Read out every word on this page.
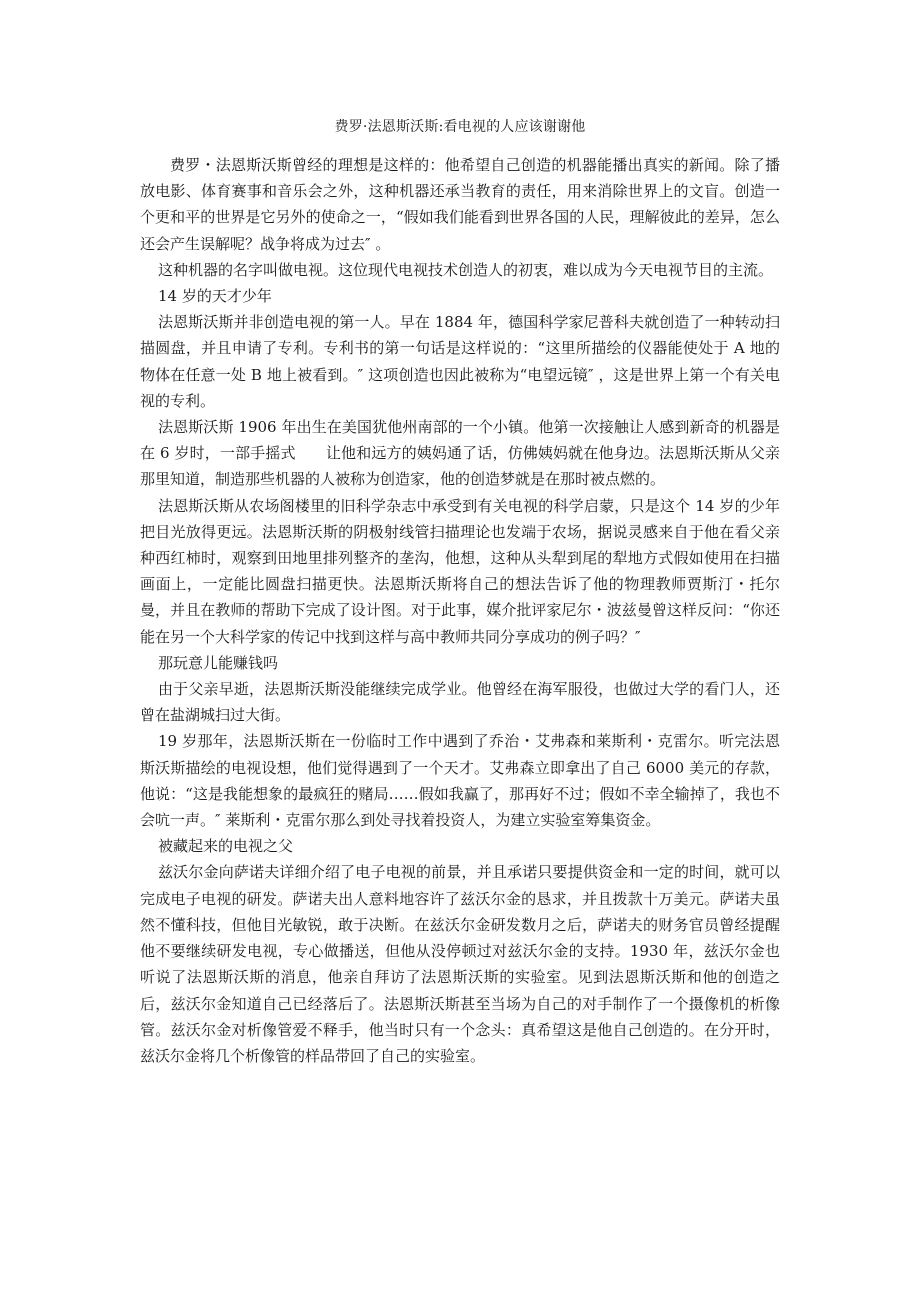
费罗·法恩斯沃斯:看电视的人应该谢谢他

费罗・法恩斯沃斯曾经的理想是这样的：他希望自己创造的机器能播出真实的新闻。除了播放电影、体育赛事和音乐会之外，这种机器还承当教育的责任，用来消除世界上的文盲。创造一个更和平的世界是它另外的使命之一，“假如我们能看到世界各国的人民，理解彼此的差异，怎么还会产生误解呢？战争将成为过去″ 。

这种机器的名字叫做电视。这位现代电视技术创造人的初衷，难以成为今天电视节目的主流。

14 岁的天才少年

法恩斯沃斯并非创造电视的第一人。早在 1884 年，德国科学家尼普科夫就创造了一种转动扫描圆盘，并且申请了专利。专利书的第一句话是这样说的：“这里所描绘的仪器能使处于 A 地的物体在任意一处 B 地上被看到。″ 这项创造也因此被称为“电望远镜″ ，这是世界上第一个有关电视的专利。

法恩斯沃斯 1906 年出生在美国犹他州南部的一个小镇。他第一次接触让人感到新奇的机器是在 6 岁时，一部手摇式　　让他和远方的姨妈通了话，仿佛姨妈就在他身边。法恩斯沃斯从父亲那里知道，制造那些机器的人被称为创造家，他的创造梦就是在那时被点燃的。

法恩斯沃斯从农场阁楼里的旧科学杂志中承受到有关电视的科学启蒙，只是这个 14 岁的少年把目光放得更远。法恩斯沃斯的阴极射线管扫描理论也发端于农场，据说灵感来自于他在看父亲种西红柿时，观察到田地里排列整齐的垄沟，他想，这种从头犁到尾的犁地方式假如使用在扫描画面上，一定能比圆盘扫描更快。法恩斯沃斯将自己的想法告诉了他的物理教师贾斯汀・托尔曼，并且在教师的帮助下完成了设计图。对于此事，媒介批评家尼尔・波兹曼曾这样反问：“你还能在另一个大科学家的传记中找到这样与高中教师共同分享成功的例子吗？″

那玩意儿能赚钱吗

由于父亲早逝，法恩斯沃斯没能继续完成学业。他曾经在海军服役，也做过大学的看门人，还曾在盐湖城扫过大街。

19 岁那年，法恩斯沃斯在一份临时工作中遇到了乔治・艾弗森和莱斯利・克雷尔。听完法恩斯沃斯描绘的电视设想，他们觉得遇到了一个天才。艾弗森立即拿出了自己 6000 美元的存款，他说：“这是我能想象的最疯狂的赌局……假如我赢了，那再好不过；假如不幸全输掉了，我也不会吭一声。″ 莱斯利・克雷尔那么到处寻找着投资人，为建立实验室筹集资金。

被藏起来的电视之父

兹沃尔金向萨诺夫详细介绍了电子电视的前景，并且承诺只要提供资金和一定的时间，就可以完成电子电视的研发。萨诺夫出人意料地容许了兹沃尔金的恳求，并且拨款十万美元。萨诺夫虽然不懂科技，但他目光敏锐，敢于决断。在兹沃尔金研发数月之后，萨诺夫的财务官员曾经提醒他不要继续研发电视，专心做播送，但他从没停顿过对兹沃尔金的支持。1930 年，兹沃尔金也听说了法恩斯沃斯的消息，他亲自拜访了法恩斯沃斯的实验室。见到法恩斯沃斯和他的创造之后，兹沃尔金知道自己已经落后了。法恩斯沃斯甚至当场为自己的对手制作了一个摄像机的析像管。兹沃尔金对析像管爱不释手，他当时只有一个念头：真希望这是他自己创造的。在分开时，兹沃尔金将几个析像管的样品带回了自己的实验室。
